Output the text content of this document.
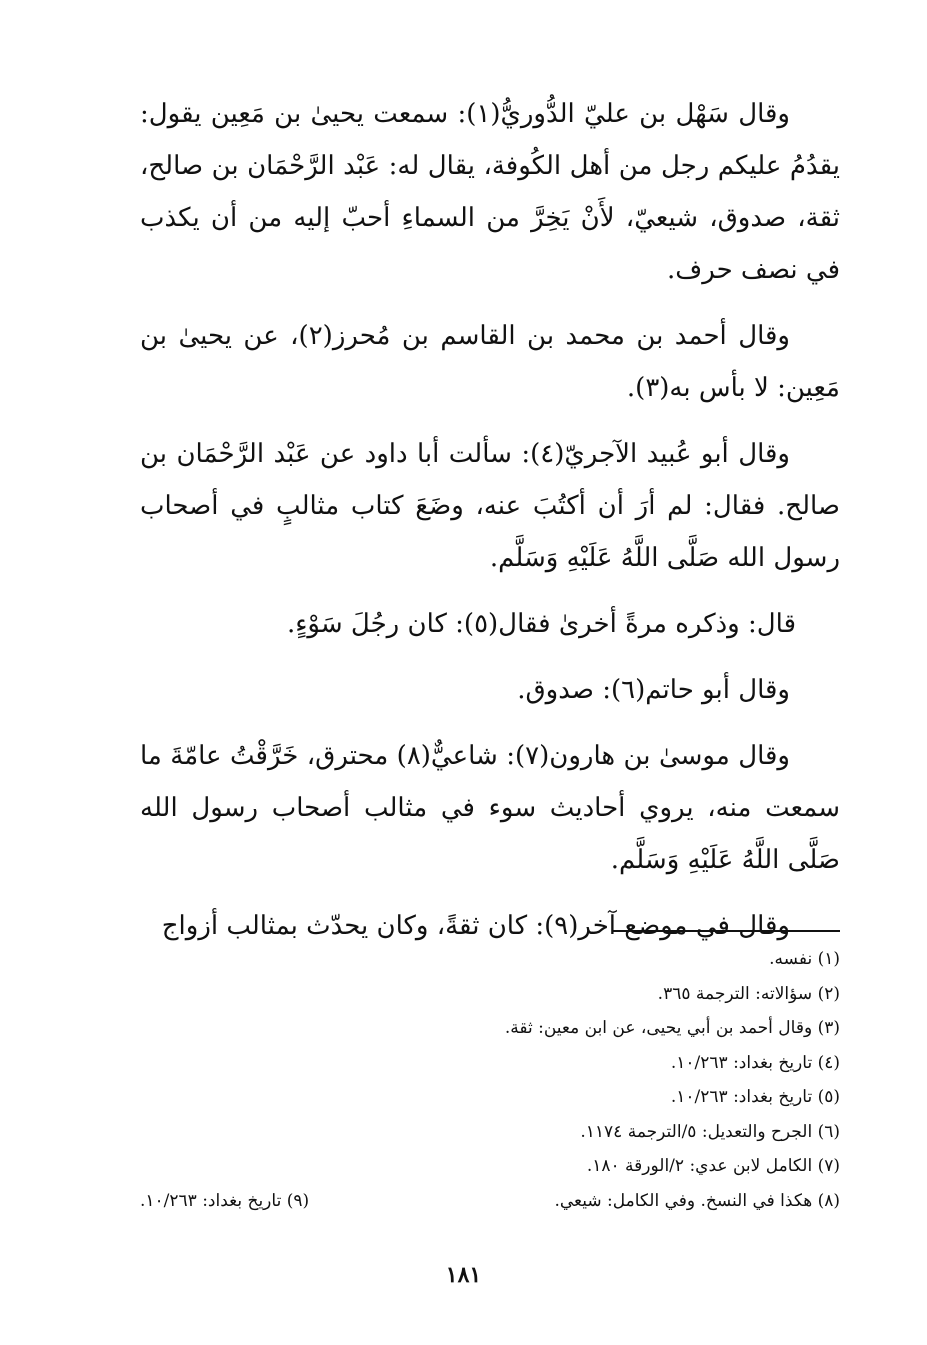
وقال سَهْل بن عليّ الدُّوريُّ(١): سمعت يحيىٰ بن مَعِين يقول: يقدُمُ عليكم رجل من أهل الكُوفة، يقال له: عَبْد الرَّحْمَان بن صالح، ثقة، صدوق، شيعيّ، لأَنْ يَخِرَّ من السماءِ أحبّ إليه من أن يكذب في نصف حرف.

وقال أحمد بن محمد بن القاسم بن مُحرز(٢)، عن يحيىٰ بن مَعِين: لا بأس به(٣).

وقال أبو عُبيد الآجريّ(٤): سألت أبا داود عن عَبْد الرَّحْمَان بن صالح. فقال: لم أرَ أن أكتُبَ عنه، وضَعَ كتاب مثالبٍ في أصحاب رسول الله صَلَّى اللَّهُ عَلَيْهِ وَسَلَّم.

قال: وذكره مرةً أخرىٰ فقال(٥): كان رجُلَ سَوْءٍ.

وقال أبو حاتم(٦): صدوق.

وقال موسىٰ بن هارون(٧): شاعيٌّ(٨) محترق، خَرَّقْتُ عامّةَ ما سمعت منه، يروي أحاديث سوء في مثالب أصحاب رسول الله صَلَّى اللَّهُ عَلَيْهِ وَسَلَّم.

وقال في موضع آخر(٩): كان ثقةً، وكان يحدّث بمثالب أزواج

(١) نفسه.
(٢) سؤالاته: الترجمة ٣٦٥.
(٣) وقال أحمد بن أبي يحيى، عن ابن معين: ثقة.
(٤) تاريخ بغداد: ١٠/٢٦٣.
(٥) تاريخ بغداد: ١٠/٢٦٣.
(٦) الجرح والتعديل: ٥/الترجمة ١١٧٤.
(٧) الكامل لابن عدي: ٢/الورقة ١٨٠.
(٨) هكذا في النسخ. وفي الكامل: شيعي.
(٩) تاريخ بغداد: ١٠/٢٦٣.
١٨١
